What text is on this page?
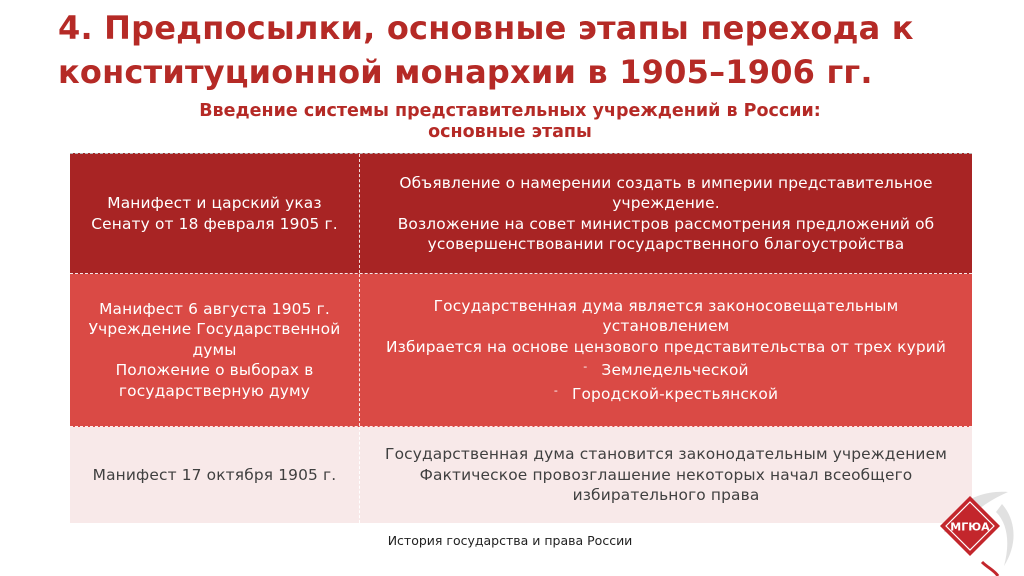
4. Предпосылки, основные этапы перехода к конституционной монархии в 1905–1906 гг.
Введение системы представительных учреждений в России:
основные этапы
Манифест и царский указ
Сенату от 18 февраля 1905 г.
Объявление о намерении создать в империи представительное
учреждение.
Возложение на совет министров рассмотрения предложений об
усовершенствовании государственного благоустройства
Манифест 6 августа 1905 г.
Учреждение Государственной
думы
Положение о выборах в
государстверную думу
Государственная дума является законосовещательным
установлением
Избирается на основе цензового представительства от трех курий
- Земледельческой
- Городской-крестьянской
Манифест 17 октября 1905 г.
Государственная дума становится законодательным учреждением
Фактическое провозглашение некоторых начал всеобщего
избирательного права

История государства и права России

МГЮА
